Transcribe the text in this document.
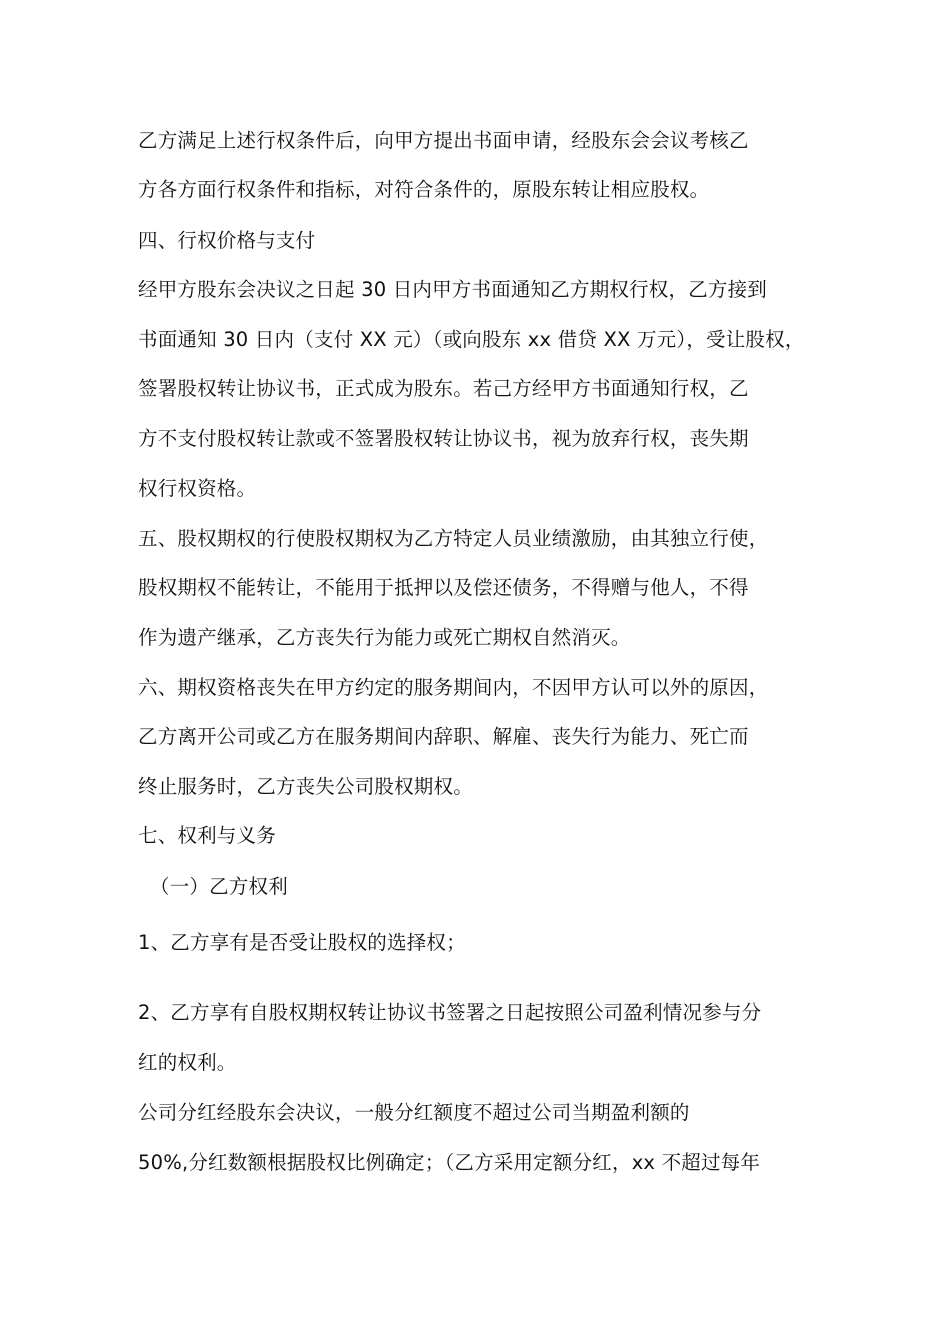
乙方满足上述行权条件后，向甲方提出书面申请，经股东会会议考核乙
方各方面行权条件和指标，对符合条件的，原股东转让相应股权。
四、行权价格与支付
经甲方股东会决议之日起 30 日内甲方书面通知乙方期权行权，乙方接到
书面通知 30 日内（支付 XX 元）（或向股东 xx 借贷 XX 万元），受让股权，
签署股权转让协议书，正式成为股东。若己方经甲方书面通知行权，乙
方不支付股权转让款或不签署股权转让协议书，视为放弃行权，丧失期
权行权资格。
五、股权期权的行使股权期权为乙方特定人员业绩激励，由其独立行使，
股权期权不能转让，不能用于抵押以及偿还债务，不得赠与他人，不得
作为遗产继承，乙方丧失行为能力或死亡期权自然消灭。
六、期权资格丧失在甲方约定的服务期间内，不因甲方认可以外的原因，
乙方离开公司或乙方在服务期间内辞职、解雇、丧失行为能力、死亡而
终止服务时，乙方丧失公司股权期权。
七、权利与义务
（一）乙方权利
1、乙方享有是否受让股权的选择权；
2、乙方享有自股权期权转让协议书签署之日起按照公司盈利情况参与分
红的权利。
公司分红经股东会决议，一般分红额度不超过公司当期盈利额的
50%,分红数额根据股权比例确定；（乙方采用定额分红，xx 不超过每年
